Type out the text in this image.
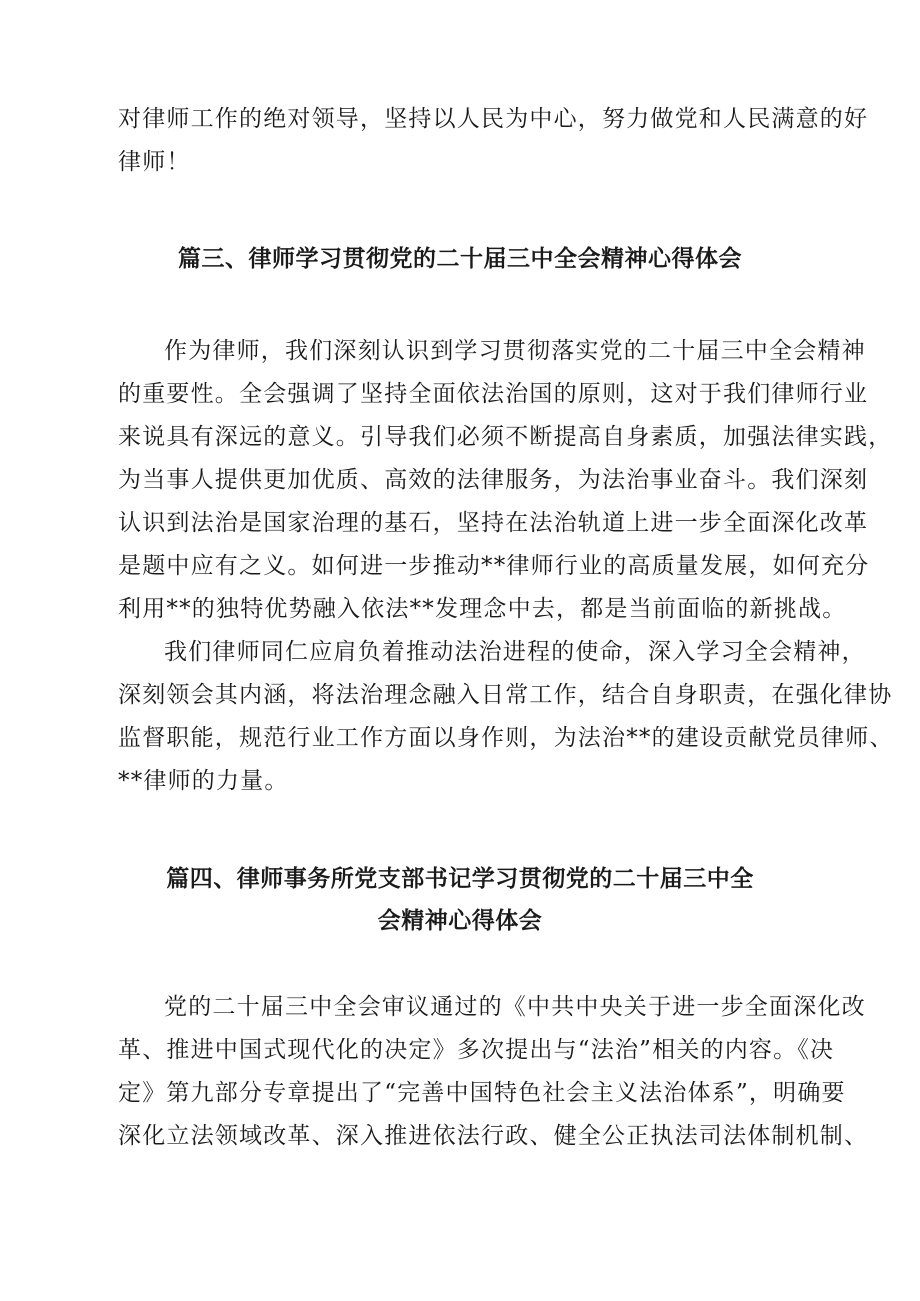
对律师工作的绝对领导，坚持以人民为中心，努力做党和人民满意的好
律师！
篇三、律师学习贯彻党的二十届三中全会精神心得体会
作为律师，我们深刻认识到学习贯彻落实党的二十届三中全会精神
的重要性。全会强调了坚持全面依法治国的原则，这对于我们律师行业
来说具有深远的意义。引导我们必须不断提高自身素质，加强法律实践，
为当事人提供更加优质、高效的法律服务，为法治事业奋斗。我们深刻
认识到法治是国家治理的基石，坚持在法治轨道上进一步全面深化改革
是题中应有之义。如何进一步推动**律师行业的高质量发展，如何充分
利用**的独特优势融入依法**发理念中去，都是当前面临的新挑战。
我们律师同仁应肩负着推动法治进程的使命，深入学习全会精神，
深刻领会其内涵，将法治理念融入日常工作，结合自身职责，在强化律协
监督职能，规范行业工作方面以身作则，为法治**的建设贡献党员律师、
**律师的力量。
篇四、律师事务所党支部书记学习贯彻党的二十届三中全
会精神心得体会
党的二十届三中全会审议通过的《中共中央关于进一步全面深化改
革、推进中国式现代化的决定》多次提出与“法治”相关的内容。《决
定》第九部分专章提出了“完善中国特色社会主义法治体系”，明确要
深化立法领域改革、深入推进依法行政、健全公正执法司法体制机制、
